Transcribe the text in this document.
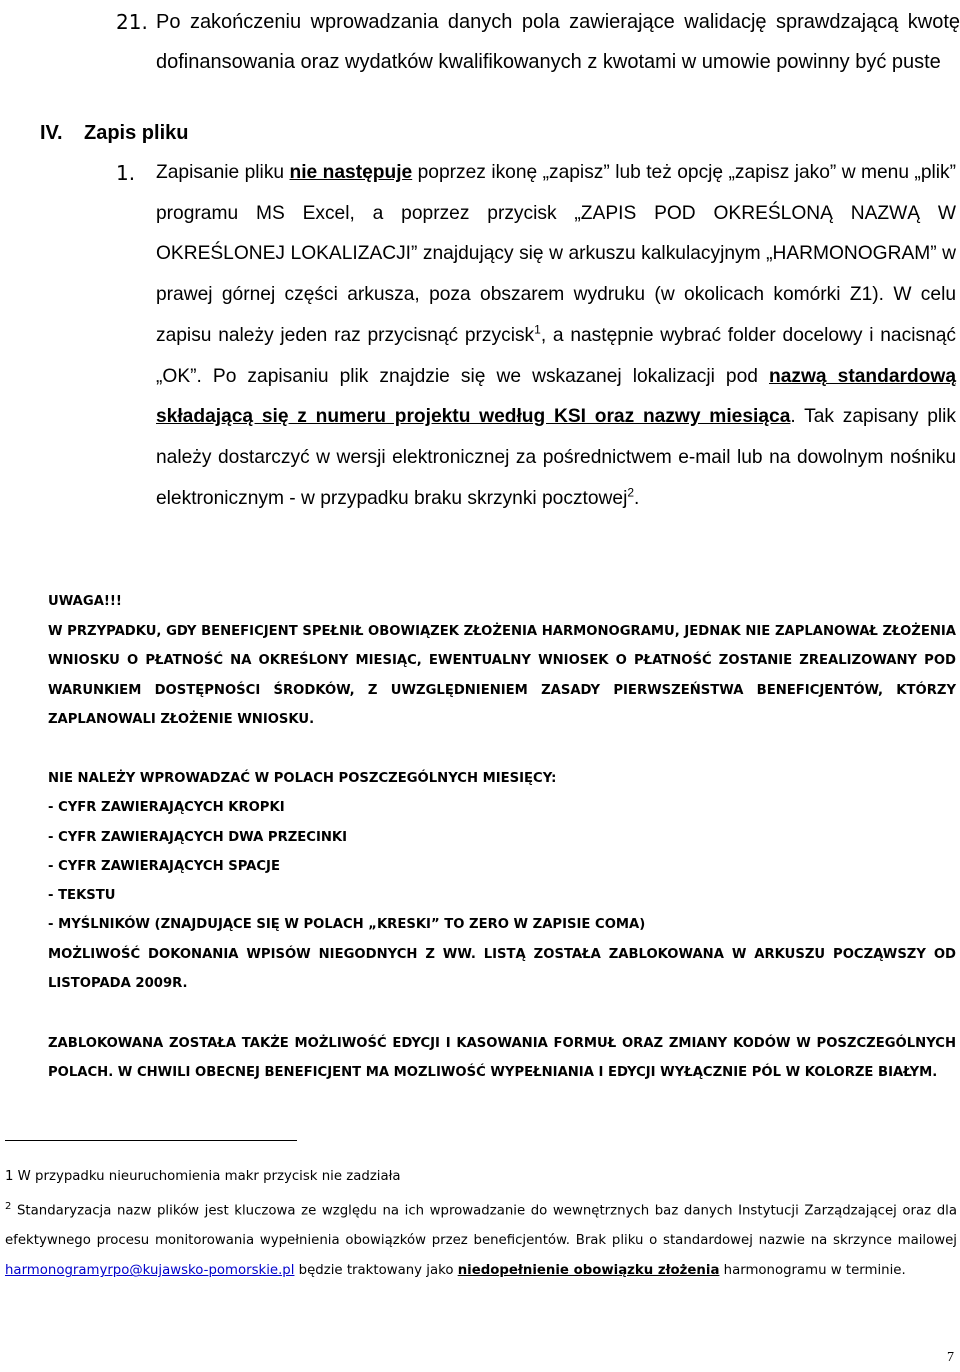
21. Po zakończeniu wprowadzania danych pola zawierające walidację sprawdzającą kwotę dofinansowania oraz wydatków kwalifikowanych z kwotami w umowie powinny być puste
IV. Zapis pliku
1. Zapisanie pliku nie następuje poprzez ikonę „zapisz” lub też opcję „zapisz jako” w menu „plik” programu MS Excel, a poprzez przycisk „ZAPIS POD OKREŚLONĄ NAZWĄ W OKREŚLONEJ LOKALIZACJI” znajdujący się w arkuszu kalkulacyjnym „HARMONOGRAM” w prawej górnej części arkusza, poza obszarem wydruku (w okolicach komórki Z1). W celu zapisu należy jeden raz przycisnąć przycisk$^1$, a następnie wybrać folder docelowy i nacisnąć „OK”. Po zapisaniu plik znajdzie się we wskazanej lokalizacji pod nazwą standardową składającą się z numeru projektu według KSI oraz nazwy miesiąca. Tak zapisany plik należy dostarczyć w wersji elektronicznej za pośrednictwem e-mail lub na dowolnym nośniku elektronicznym - w przypadku braku skrzynki pocztowej$^2$.
UWAGA!!!
W PRZYPADKU, GDY BENEFICJENT SPEŁNIŁ OBOWIĄZEK ZŁOŻENIA HARMONOGRAMU, JEDNAK NIE ZAPLANOWAŁ ZŁOŻENIA WNIOSKU O PŁATNOŚĆ NA OKREŚLONY MIESIĄC, EWENTUALNY WNIOSEK O PŁATNOŚĆ ZOSTANIE ZREALIZOWANY POD WARUNKIEM DOSTĘPNOŚCI ŚRODKÓW, Z UWZGLĘDNIENIEM ZASADY PIERWSZEŃSTWA BENEFICJENTÓW, KTÓRZY ZAPLANOWALI ZŁOŻENIE WNIOSKU.
NIE NALEŻY WPROWADZAĆ W POLACH POSZCZEGÓLNYCH MIESIĘCY:
- CYFR ZAWIERAJĄCYCH KROPKI
- CYFR ZAWIERAJĄCYCH DWA PRZECINKI
- CYFR ZAWIERAJĄCYCH SPACJE
- TEKSTU
- MYŚLNIKÓW (ZNAJDUJĄCE SIĘ W POLACH „KRESKI” TO ZERO W ZAPISIE COMA)
MOŻLIWOŚĆ DOKONANIA WPISÓW NIEGODNYCH Z WW. LISTĄ ZOSTAŁA ZABLOKOWANA W ARKUSZU POCZĄWSZY OD LISTOPADA 2009R.
ZABLOKOWANA ZOSTAŁA TAKŻE MOŻLIWOŚĆ EDYCJI I KASOWANIA FORMUŁ ORAZ ZMIANY KODÓW W POSZCZEGÓLNYCH POLACH. W CHWILI OBECNEJ BENEFICJENT MA MOZLIWOŚĆ WYPEŁNIANIA I EDYCJI WYŁĄCZNIE PÓL W KOLORZE BIAŁYM.
1 W przypadku nieuruchomienia makr przycisk nie zadziała
$^2$ Standaryzacja nazw plików jest kluczowa ze względu na ich wprowadzanie do wewnętrznych baz danych Instytucji Zarządzającej oraz dla efektywnego procesu monitorowania wypełnienia obowiązków przez beneficjentów. Brak pliku o standardowej nazwie na skrzynce mailowej harmonogramyrpo@kujawsko-pomorskie.pl będzie traktowany jako niedopełnienie obowiązku złożenia harmonogramu w terminie.
7
